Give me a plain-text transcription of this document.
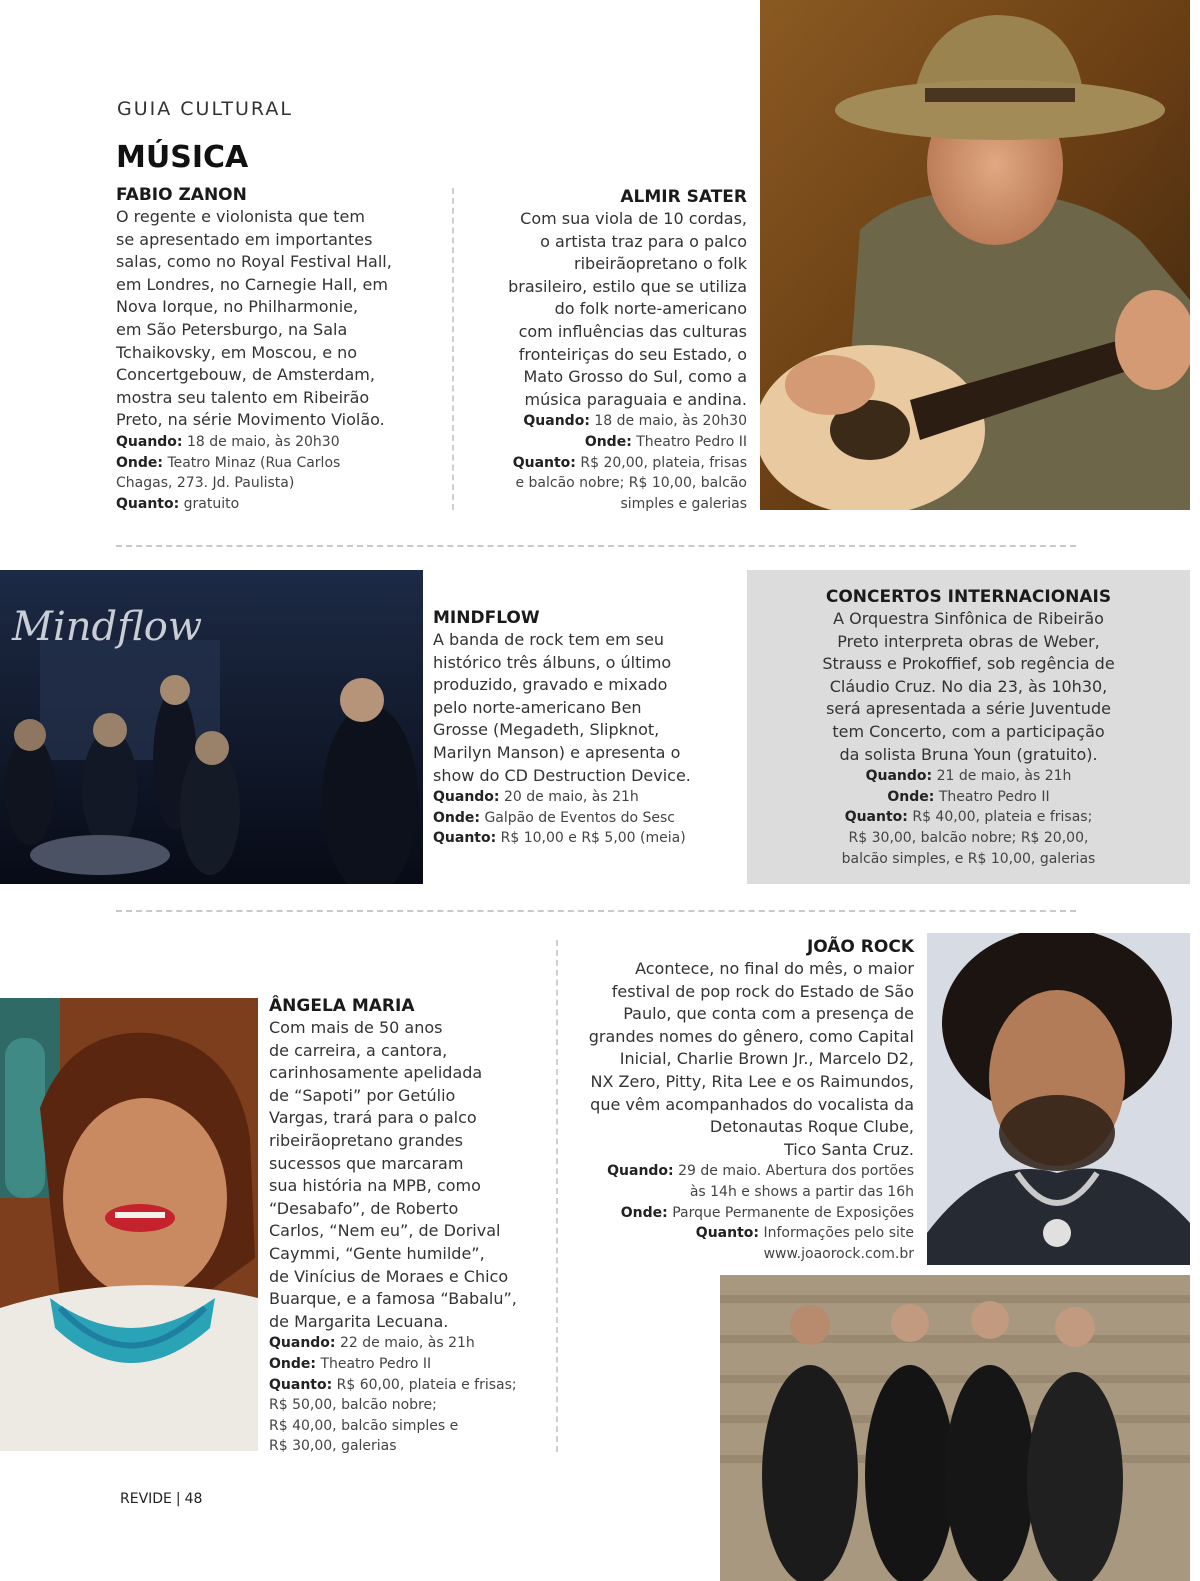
GUIA CULTURAL
MÚSICA
FABIO ZANON
O regente e violonista que tem
se apresentado em importantes
salas, como no Royal Festival Hall,
em Londres, no Carnegie Hall, em
Nova Iorque, no Philharmonie,
em São Petersburgo, na Sala
Tchaikovsky, em Moscou, e no
Concertgebouw, de Amsterdam,
mostra seu talento em Ribeirão
Preto, na série Movimento Violão.
Quando: 18 de maio, às 20h30
Onde: Teatro Minaz (Rua Carlos
Chagas, 273. Jd. Paulista)
Quanto: gratuito
ALMIR SATER
Com sua viola de 10 cordas,
o artista traz para o palco
ribeirãopretano o folk
brasileiro, estilo que se utiliza
do folk norte-americano
com influências das culturas
fronteiriças do seu Estado, o
Mato Grosso do Sul, como a
música paraguaia e andina.
Quando: 18 de maio, às 20h30
Onde: Theatro Pedro II
Quanto: R$ 20,00, plateia, frisas
e balcão nobre; R$ 10,00, balcão
simples e galerias
Mindflow	MINDFLOW
A banda de rock tem em seu
histórico três álbuns, o último
produzido, gravado e mixado
pelo norte-americano Ben
Grosse (Megadeth, Slipknot,
Marilyn Manson) e apresenta o
show do CD Destruction Device.
Quando: 20 de maio, às 21h
Onde: Galpão de Eventos do Sesc
Quanto: R$ 10,00 e R$ 5,00 (meia)
CONCERTOS INTERNACIONAIS
A Orquestra Sinfônica de Ribeirão
Preto interpreta obras de Weber,
Strauss e Prokoffief, sob regência de
Cláudio Cruz. No dia 23, às 10h30,
será apresentada a série Juventude
tem Concerto, com a participação
da solista Bruna Youn (gratuito).
Quando: 21 de maio, às 21h
Onde: Theatro Pedro II
Quanto: R$ 40,00, plateia e frisas;
R$ 30,00, balcão nobre; R$ 20,00,
balcão simples, e R$ 10,00, galerias
ÂNGELA MARIA
Com mais de 50 anos
de carreira, a cantora,
carinhosamente apelidada
de “Sapoti” por Getúlio
Vargas, trará para o palco
ribeirãopretano grandes
sucessos que marcaram
sua história na MPB, como
“Desabafo”, de Roberto
Carlos, “Nem eu”, de Dorival
Caymmi, “Gente humilde”,
de Vinícius de Moraes e Chico
Buarque, e a famosa “Babalu”,
de Margarita Lecuana.
Quando: 22 de maio, às 21h
Onde: Theatro Pedro II
Quanto: R$ 60,00, plateia e frisas;
R$ 50,00, balcão nobre;
R$ 40,00, balcão simples e
R$ 30,00, galerias
JOÃO ROCK
Acontece, no final do mês, o maior
festival de pop rock do Estado de São
Paulo, que conta com a presença de
grandes nomes do gênero, como Capital
Inicial, Charlie Brown Jr., Marcelo D2,
NX Zero, Pitty, Rita Lee e os Raimundos,
que vêm acompanhados do vocalista da
Detonautas Roque Clube,
Tico Santa Cruz.
Quando: 29 de maio. Abertura dos portões
às 14h e shows a partir das 16h
Onde: Parque Permanente de Exposições
Quanto: Informações pelo site
www.joaorock.com.br
REVIDE | 48
